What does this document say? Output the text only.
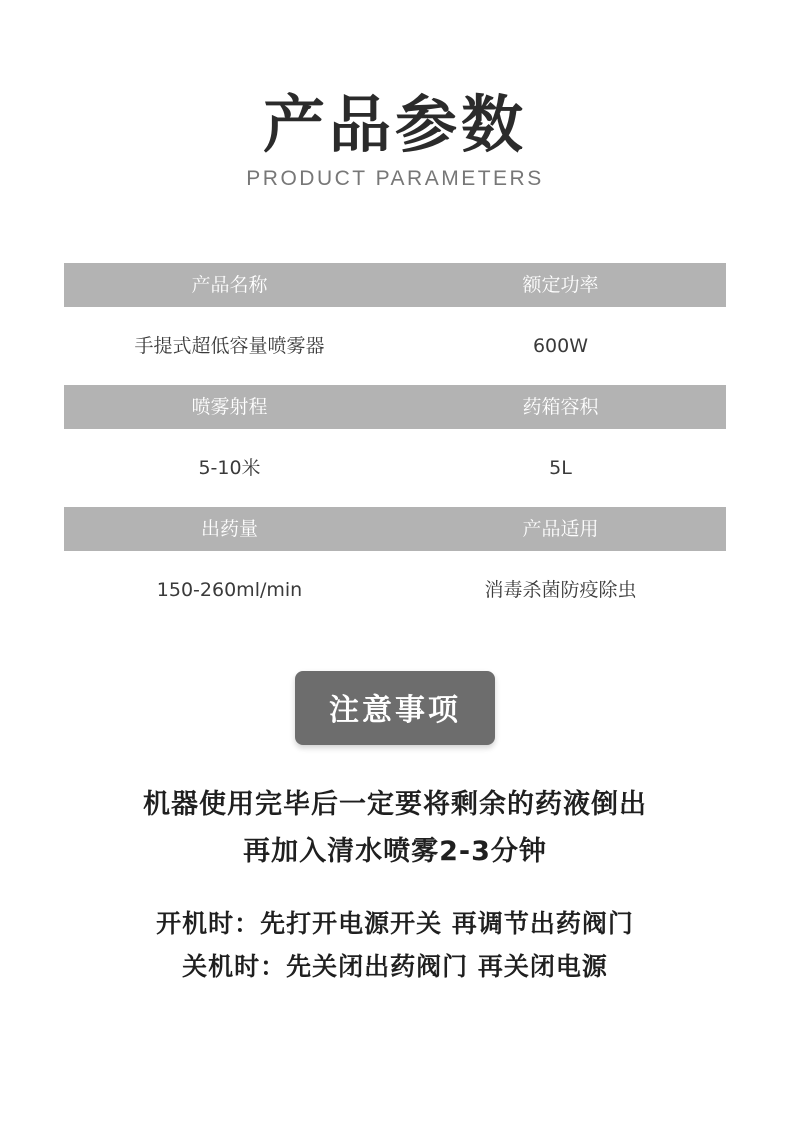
产品参数
PRODUCT PARAMETERS
产品名称	额定功率
手提式超低容量喷雾器	600W
喷雾射程	药箱容积
5-10米	5L
出药量	产品适用
150-260ml/min	消毒杀菌防疫除虫
注意事项
机器使用完毕后一定要将剩余的药液倒出
再加入清水喷雾2-3分钟
开机时：先打开电源开关 再调节出药阀门
关机时：先关闭出药阀门 再关闭电源
